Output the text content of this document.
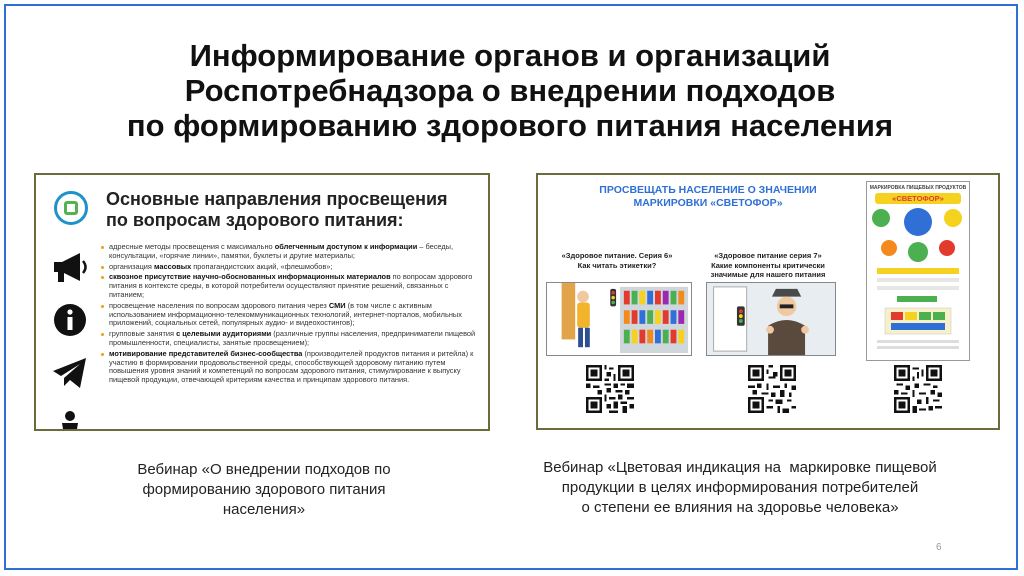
Информирование органов и организаций
Роспотребнадзора о внедрении подходов
по формированию здорового питания населения
Основные направления просвещения
по вопросам здорового питания:

адресные методы просвещения с максимально облегченным доступом к информации – беседы, консультации, «горячие линии», памятки, буклеты и другие материалы;
организация массовых пропагандистских акций, «флешмобов»;
сквозное присутствие научно-обоснованных информационных материалов по вопросам здорового питания в контексте среды, в которой потребители осуществляют принятие решений, связанных с питанием;
просвещение населения по вопросам здорового питания через СМИ (в том числе с активным использованием информационно-телекоммуникационных технологий, интернет-порталов, мобильных приложений, социальных сетей, популярных аудио- и видеохостингов);
групповые занятия с целевыми аудиториями (различные группы населения, предприниматели пищевой промышленности, специалисты, занятые просвещением);
мотивирование представителей бизнес-сообщества (производителей продуктов питания и ритейла) к участию в формировании продовольственной среды, способствующей здоровому питанию путем повышения уровня знаний и компетенций по вопросам здорового питания, стимулирование к выпуску пищевой продукции, отвечающей критериям качества и принципам здорового питания.
ПРОСВЕЩАТЬ НАСЕЛЕНИЕ О ЗНАЧЕНИИ
МАРКИРОВКИ «СВЕТОФОР»
«Здоровое питание. Серия 6»
Как читать этикетки?
«Здоровое питание серия 7»
Какие компоненты критически
значимые для нашего питания
МАРКИРОВКА ПИЩЕВЫХ ПРОДУКТОВ
«СВЕТОФОР»
Вебинар «О внедрении подходов по
формированию здорового питания
населения»
Вебинар «Цветовая индикация на  маркировке пищевой
продукции в целях информирования потребителей
о степени ее влияния на здоровье человека»
6
